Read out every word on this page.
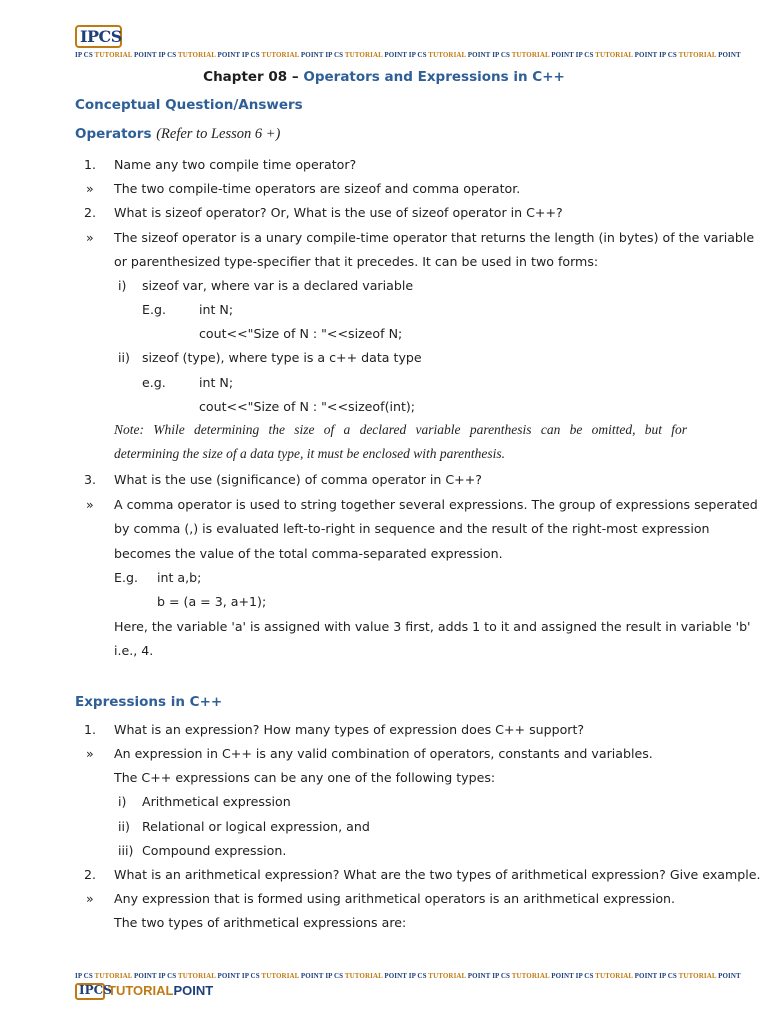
IPCS
IP CS TUTORIAL POINT IP CS TUTORIAL POINT IP CS TUTORIAL POINT IP CS TUTORIAL POINT IP CS TUTORIAL POINT IP CS TUTORIAL POINT IP CS TUTORIAL POINT IP CS TUTORIAL POINT
Chapter 08 – Operators and Expressions in C++
Conceptual Question/Answers
Operators (Refer to Lesson 6 +)
1. Name any two compile time operator?
» The two compile-time operators are sizeof and comma operator.
2. What is sizeof operator? Or, What is the use of sizeof operator in C++?
» The sizeof operator is a unary compile-time operator that returns the length (in bytes) of the variable
or parenthesized type-specifier that it precedes. It can be used in two forms:
i) sizeof var, where var is a declared variable
E.g.	int N;
cout<<"Size of N : "<<sizeof N;
ii) sizeof (type), where type is a c++ data type
e.g.	int N;
cout<<"Size of N : "<<sizeof(int);
Note: While determining the size of a declared variable parenthesis can be omitted, but for
determining the size of a data type, it must be enclosed with parenthesis.
3. What is the use (significance) of comma operator in C++?
» A comma operator is used to string together several expressions. The group of expressions seperated
by comma (,) is evaluated left-to-right in sequence and the result of the right-most expression
becomes the value of the total comma-separated expression.
E.g. int a,b;
b = (a = 3, a+1);
Here, the variable 'a' is assigned with value 3 first, adds 1 to it and assigned the result in variable 'b'
i.e., 4.
Expressions in C++
1. What is an expression? How many types of expression does C++ support?
» An expression in C++ is any valid combination of operators, constants and variables.
The C++ expressions can be any one of the following types:
i) Arithmetical expression
ii) Relational or logical expression, and
iii) Compound expression.
2. What is an arithmetical expression? What are the two types of arithmetical expression? Give example.
» Any expression that is formed using arithmetical operators is an arithmetical expression.
The two types of arithmetical expressions are:
IP CS TUTORIAL POINT IP CS TUTORIAL POINT IP CS TUTORIAL POINT IP CS TUTORIAL POINT IP CS TUTORIAL POINT IP CS TUTORIAL POINT IP CS TUTORIAL POINT IP CS TUTORIAL POINT
IPCS
TUTORIALPOINT
